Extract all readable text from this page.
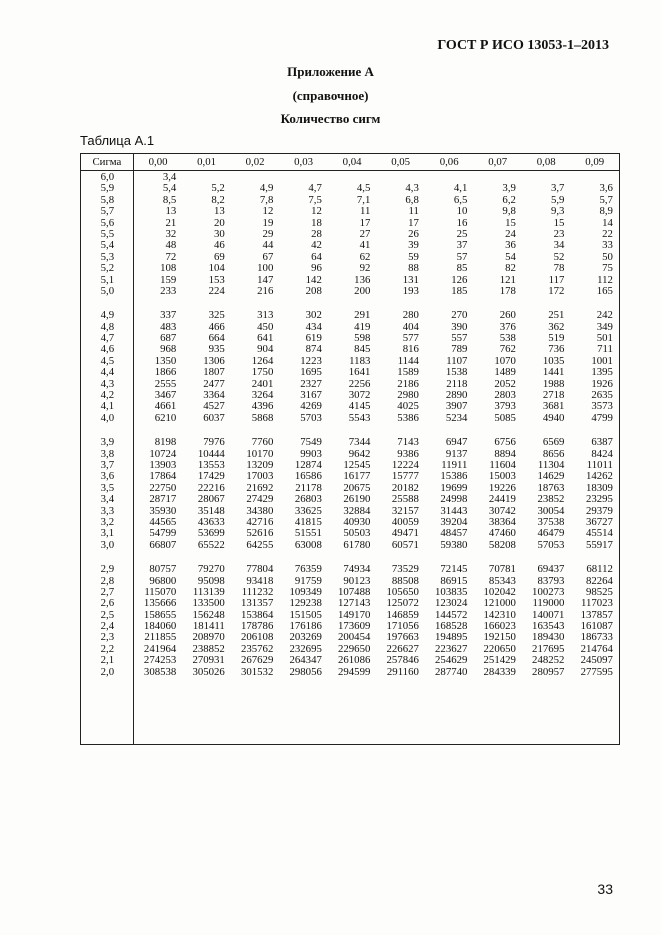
ГОСТ Р ИСО 13053-1–2013
Приложение А
(справочное)
Количество сигм
Таблица А.1
Сигма	0,00	0,01	0,02	0,03	0,04	0,05	0,06	0,07	0,08	0,09
6,0	3,4
5,9	5,4	5,2	4,9	4,7	4,5	4,3	4,1	3,9	3,7	3,6
5,8	8,5	8,2	7,8	7,5	7,1	6,8	6,5	6,2	5,9	5,7
5,7	13	13	12	12	11	11	10	9,8	9,3	8,9
5,6	21	20	19	18	17	17	16	15	15	14
5,5	32	30	29	28	27	26	25	24	23	22
5,4	48	46	44	42	41	39	37	36	34	33
5,3	72	69	67	64	62	59	57	54	52	50
5,2	108	104	100	96	92	88	85	82	78	75
5,1	159	153	147	142	136	131	126	121	117	112
5,0	233	224	216	208	200	193	185	178	172	165
4,9	337	325	313	302	291	280	270	260	251	242
4,8	483	466	450	434	419	404	390	376	362	349
4,7	687	664	641	619	598	577	557	538	519	501
4,6	968	935	904	874	845	816	789	762	736	711
4,5	1350	1306	1264	1223	1183	1144	1107	1070	1035	1001
4,4	1866	1807	1750	1695	1641	1589	1538	1489	1441	1395
4,3	2555	2477	2401	2327	2256	2186	2118	2052	1988	1926
4,2	3467	3364	3264	3167	3072	2980	2890	2803	2718	2635
4,1	4661	4527	4396	4269	4145	4025	3907	3793	3681	3573
4,0	6210	6037	5868	5703	5543	5386	5234	5085	4940	4799
3,9	8198	7976	7760	7549	7344	7143	6947	6756	6569	6387
3,8	10724	10444	10170	9903	9642	9386	9137	8894	8656	8424
3,7	13903	13553	13209	12874	12545	12224	11911	11604	11304	11011
3,6	17864	17429	17003	16586	16177	15777	15386	15003	14629	14262
3,5	22750	22216	21692	21178	20675	20182	19699	19226	18763	18309
3,4	28717	28067	27429	26803	26190	25588	24998	24419	23852	23295
3,3	35930	35148	34380	33625	32884	32157	31443	30742	30054	29379
3,2	44565	43633	42716	41815	40930	40059	39204	38364	37538	36727
3,1	54799	53699	52616	51551	50503	49471	48457	47460	46479	45514
3,0	66807	65522	64255	63008	61780	60571	59380	58208	57053	55917
2,9	80757	79270	77804	76359	74934	73529	72145	70781	69437	68112
2,8	96800	95098	93418	91759	90123	88508	86915	85343	83793	82264
2,7	115070	113139	111232	109349	107488	105650	103835	102042	100273	98525
2,6	135666	133500	131357	129238	127143	125072	123024	121000	119000	117023
2,5	158655	156248	153864	151505	149170	146859	144572	142310	140071	137857
2,4	184060	181411	178786	176186	173609	171056	168528	166023	163543	161087
2,3	211855	208970	206108	203269	200454	197663	194895	192150	189430	186733
2,2	241964	238852	235762	232695	229650	226627	223627	220650	217695	214764
2,1	274253	270931	267629	264347	261086	257846	254629	251429	248252	245097
2,0	308538	305026	301532	298056	294599	291160	287740	284339	280957	277595
33
